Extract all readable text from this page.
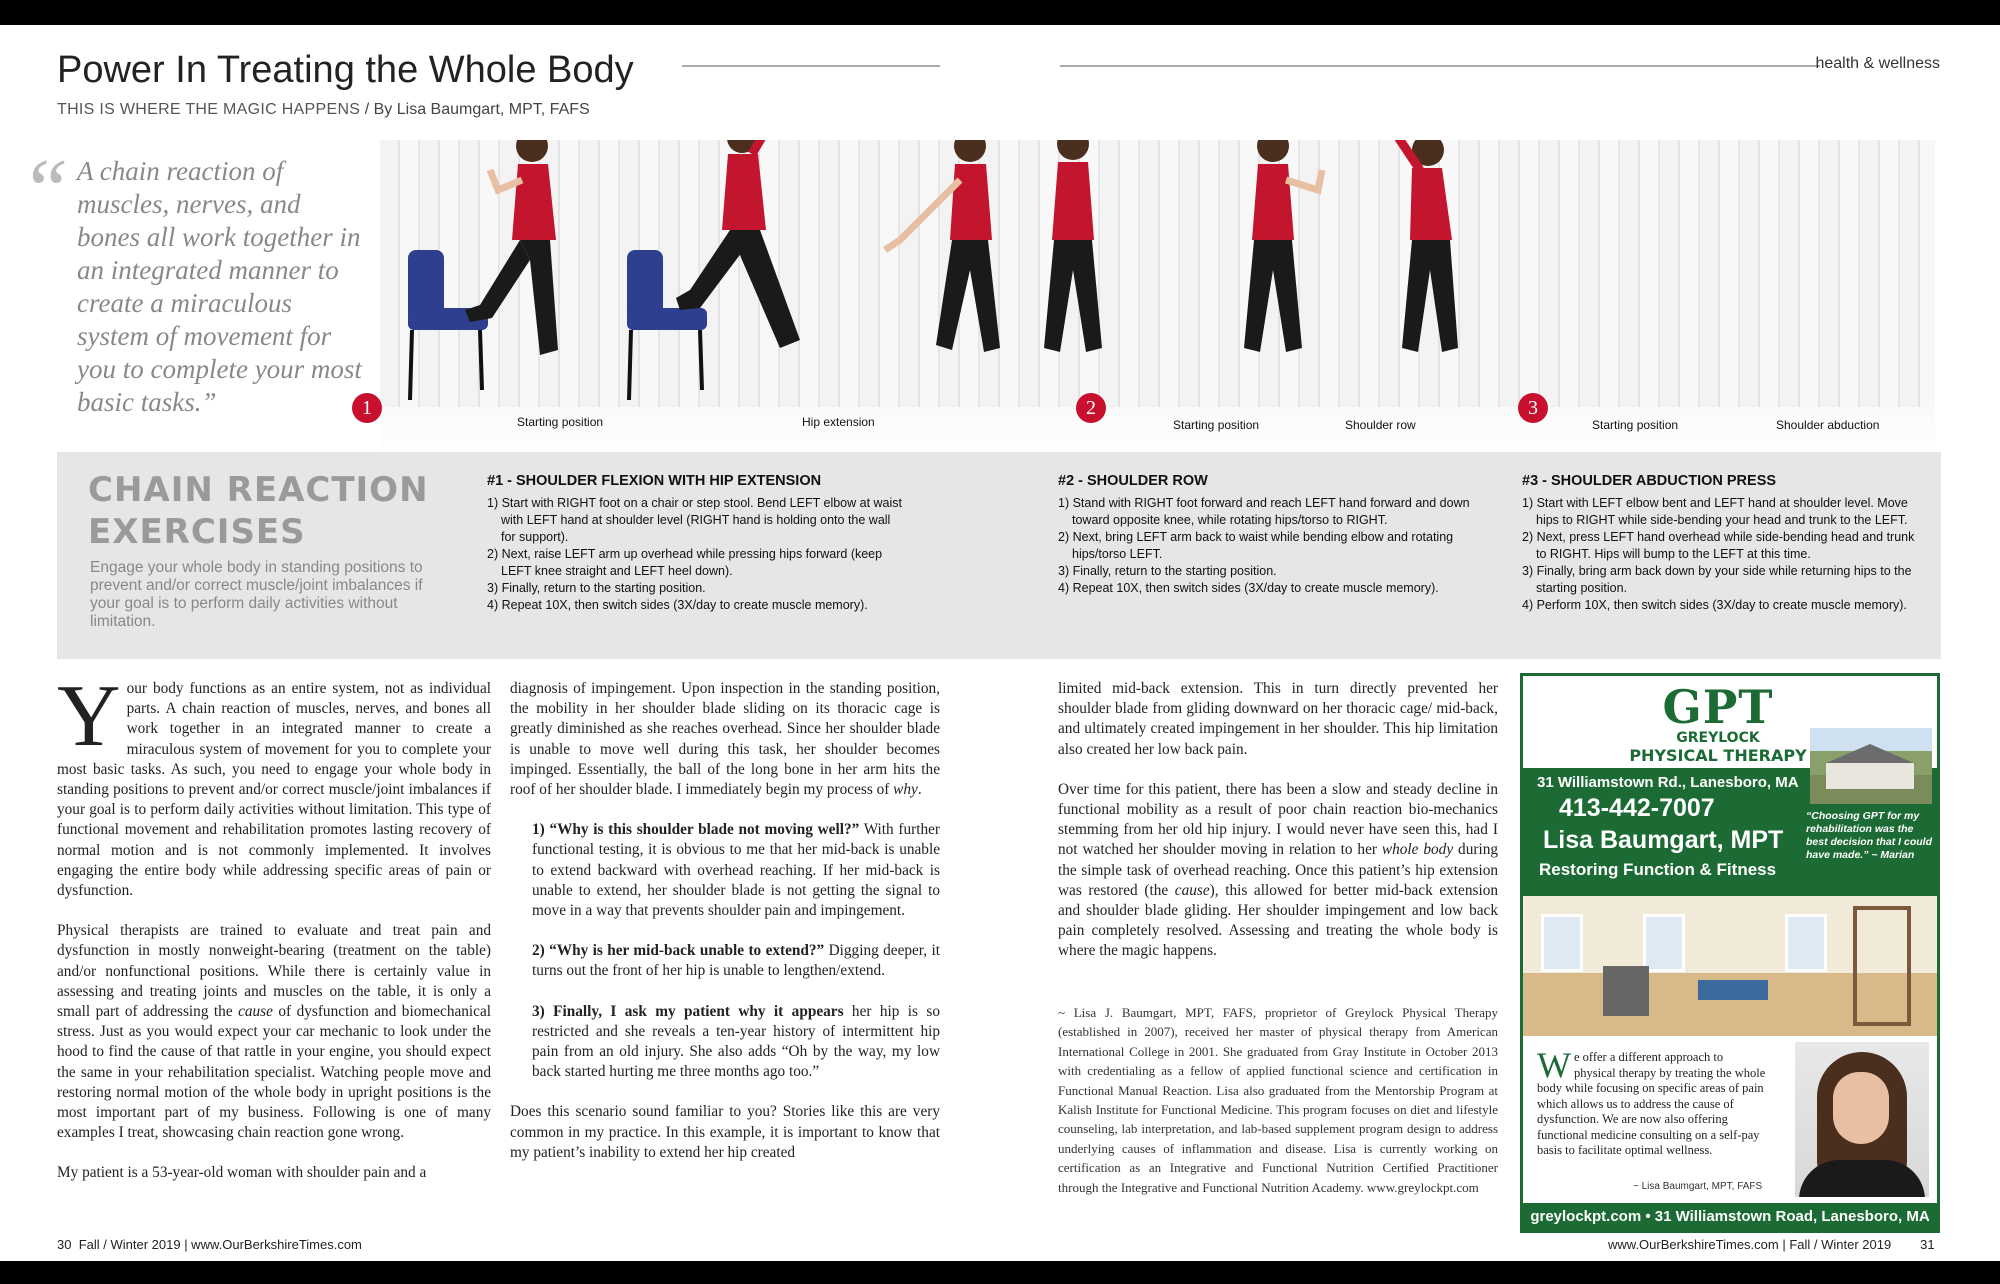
Power In Treating the Whole Body	health & wellness
THIS IS WHERE THE MAGIC HAPPENS / By Lisa Baumgart, MPT, FAFS
“ A chain reaction of muscles, nerves, and bones all work together in an integrated manner to create a miraculous system of movement for you to complete your most basic tasks.”	1	2	3
Starting position	Hip extension	Starting position	Shoulder row	Starting position	Shoulder abduction
CHAIN REACTION
EXERCISES
Engage your whole body in standing positions to prevent and/or correct muscle/joint imbalances if your goal is to perform daily activities without limitation.
#1 - SHOULDER FLEXION WITH HIP EXTENSION
1) Start with RIGHT foot on a chair or step stool. Bend LEFT elbow at waist with LEFT hand at shoulder level (RIGHT hand is holding onto the wall for support).
2) Next, raise LEFT arm up overhead while pressing hips forward (keep LEFT knee straight and LEFT heel down).
3) Finally, return to the starting position.
4) Repeat 10X, then switch sides (3X/day to create muscle memory).
#2 - SHOULDER ROW
1) Stand with RIGHT foot forward and reach LEFT hand forward and down toward opposite knee, while rotating hips/torso to RIGHT.
2) Next, bring LEFT arm back to waist while bending elbow and rotating hips/torso LEFT.
3) Finally, return to the starting position.
4) Repeat 10X, then switch sides (3X/day to create muscle memory).
#3 - SHOULDER ABDUCTION PRESS
1) Start with LEFT elbow bent and LEFT hand at shoulder level. Move hips to RIGHT while side-bending your head and trunk to the LEFT.
2) Next, press LEFT hand overhead while side-bending head and trunk to RIGHT. Hips will bump to the LEFT at this time.
3) Finally, bring arm back down by your side while returning hips to the starting position.
4) Perform 10X, then switch sides (3X/day to create muscle memory).

Your body functions as an entire system, not as individual parts. A chain reaction of muscles, nerves, and bones all work together in an integrated manner to create a miraculous system of movement for you to complete your most basic tasks. As such, you need to engage your whole body in standing positions to prevent and/or correct muscle/joint imbalances if your goal is to perform daily activities without limitation. This type of functional movement and rehabilitation promotes lasting recovery of normal motion and is not commonly implemented. It involves engaging the entire body while addressing specific areas of pain or dysfunction.

Physical therapists are trained to evaluate and treat pain and dysfunction in mostly nonweight-bearing (treatment on the table) and/or nonfunctional positions. While there is certainly value in assessing and treating joints and muscles on the table, it is only a small part of addressing the cause of dysfunction and biomechanical stress. Just as you would expect your car mechanic to look under the hood to find the cause of that rattle in your engine, you should expect the same in your rehabilitation specialist. Watching people move and restoring normal motion of the whole body in upright positions is the most important part of my business. Following is one of many examples I treat, showcasing chain reaction gone wrong.

My patient is a 53-year-old woman with shoulder pain and a

diagnosis of impingement. Upon inspection in the standing position, the mobility in her shoulder blade sliding on its thoracic cage is greatly diminished as she reaches overhead. Since her shoulder blade is unable to move well during this task, her shoulder becomes impinged. Essentially, the ball of the long bone in her arm hits the roof of her shoulder blade. I immediately begin my process of why.

1) “Why is this shoulder blade not moving well?” With further functional testing, it is obvious to me that her mid-back is unable to extend backward with overhead reaching. If her mid-back is unable to extend, her shoulder blade is not getting the signal to move in a way that prevents shoulder pain and impingement.

2) “Why is her mid-back unable to extend?” Digging deeper, it turns out the front of her hip is unable to lengthen/extend.

3) Finally, I ask my patient why it appears her hip is so restricted and she reveals a ten-year history of intermittent hip pain from an old injury. She also adds “Oh by the way, my low back started hurting me three months ago too.”

Does this scenario sound familiar to you? Stories like this are very common in my practice. In this example, it is important to know that my patient’s inability to extend her hip created

limited mid-back extension. This in turn directly prevented her shoulder blade from gliding downward on her thoracic cage/ mid-back, and ultimately created impingement in her shoulder. This hip limitation also created her low back pain.

Over time for this patient, there has been a slow and steady decline in functional mobility as a result of poor chain reaction bio-mechanics stemming from her old hip injury. I would never have seen this, had I not watched her shoulder moving in relation to her whole body during the simple task of overhead reaching. Once this patient’s hip extension was restored (the cause), this allowed for better mid-back extension and shoulder blade gliding. Her shoulder impingement and low back pain completely resolved. Assessing and treating the whole body is where the magic happens.

~ Lisa J. Baumgart, MPT, FAFS, proprietor of Greylock Physical Therapy (established in 2007), received her master of physical therapy from American International College in 2001. She graduated from Gray Institute in October 2013 with credentialing as a fellow of applied functional science and certification in Functional Manual Reaction. Lisa also graduated from the Mentorship Program at Kalish Institute for Functional Medicine. This program focuses on diet and lifestyle counseling, lab interpretation, and lab-based supplement program design to address underlying causes of inflammation and disease. Lisa is currently working on certification as an Integrative and Functional Nutrition Certified Practitioner through the Integrative and Functional Nutrition Academy. www.greylockpt.com
GPT
GREYLOCK
PHYSICAL THERAPY
31 Williamstown Rd., Lanesboro, MA
413-442-7007
Lisa Baumgart, MPT
Restoring Function & Fitness
“Choosing GPT for my rehabilitation was the best decision that I could have made.” ~ Marian
We offer a different approach to physical therapy by treating the whole body while focusing on specific areas of pain which allows us to address the cause of dysfunction. We are now also offering functional medicine consulting on a self-pay basis to facilitate optimal wellness.
~ Lisa Baumgart, MPT, FAFS
greylockpt.com • 31 Williamstown Road, Lanesboro, MA
30 Fall / Winter 2019 | www.OurBerkshireTimes.com	www.OurBerkshireTimes.com | Fall / Winter 2019 31
